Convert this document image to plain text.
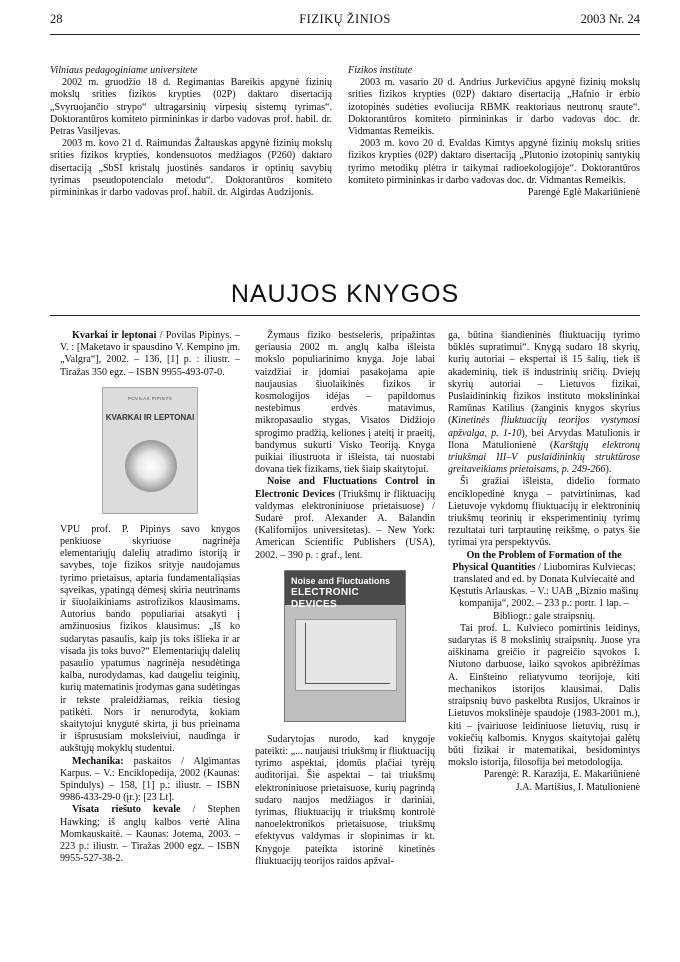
28	FIZIKŲ ŽINIOS	2003 Nr. 24

Vilniaus pedagoginiame universitete

2002 m. gruodžio 18 d. Regimantas Bareikis apgynė fizinių mokslų srities fizikos krypties (02P) daktaro disertaciją „Svyruojančio strypo“ ultragarsinių virpesių sistemų tyrimas“. Doktorantūros komiteto pirmininkas ir darbo vadovas prof. habil. dr. Petras Vasiljevas.

2003 m. kovo 21 d. Raimundas Žaltauskas apgynė fizinių mokslų srities fizikos krypties, kondensuotos medžiagos (P260) daktaro disertaciją „SbSI kristalų juostinės sandaros ir optinių savybių tyrimas pseudopotencialo metodu“. Doktorantūros komiteto pirmininkas ir darbo vadovas prof. habil. dr. Algirdas Audzijonis.

Fizikos institute

2003 m. vasario 20 d. Andrius Jurkevičius apgynė fizinių mokslų srities fizikos krypties (02P) daktaro disertaciją „Hafnio ir erbio izotopinės sudėties evoliucija RBMK reaktoriaus neutronų sraute“. Doktorantūros komiteto pirmininkas ir darbo vadovas doc. dr. Vidmantas Remeikis.

2003 m. kovo 20 d. Evaldas Kimtys apgynė fizinių mokslų srities fizikos krypties (02P) daktaro disertaciją „Plutonio izotopinių santykių tyrimo metodikų plėtra ir taikymai radioekologijoje“. Doktorantūros komiteto pirmininkas ir darbo vadovas doc. dr. Vidmantas Remeikis.

Parengė Eglė Makariūnienė

NAUJOS KNYGOS

Kvarkai ir leptonai / Povilas Pipinys. – V. : [Maketavo ir spausdino V. Kempino įm. „Valgra“], 2002. – 136, [1] p. : iliustr. – Tiražas 350 egz. – ISBN 9955-493-07-0.

POVILAS PIPINYS
KVARKAI IR LEPTONAI

VPU prof. P. Pipinys savo knygos penkiuose skyriuose nagrinėja elementariųjų dalelių atradimo istoriją ir savybes, toje fizikos srityje naudojamus tyrimo prietaisus, aptaria fundamentaliąsias sąveikas, ypatingą dėmesį skiria neutrinams ir šiuolaikiniams astrofizikos klausimams. Autorius bando populiariai atsakyti į amžinuosius fizikos klausimus: „Iš ko sudarytas pasaulis, kaip jis toks išlieka ir ar visada jis toks buvo?“ Elementariųjų dalelių pasaulio ypatumus nagrinėja nesudėtinga kalba, nurodydamas, kad daugeliu teiginių, kurių matematinis įrodymas gana sudėtingas ir tekste praleidžiamas, reikia tiesiog patikėti. Nors ir nenurodyta, kokiam skaitytojui knygutė skirta, ji bus prieinama ir išprususiam moksleiviui, naudinga ir aukštųjų mokyklų studentui.

Mechanika: paskaitos / Algimantas Karpus. – V.: Enciklopedija, 2002 (Kaunas: Spindulys) – 158, [1] p.: iliustr. – ISBN 9986-433-29-0 (įr.): [23 Lt].

Visata riešuto kevale / Stephen Hawking; iš anglų kalbos vertė Alina Momkauskaitė. – Kaunas: Jotema, 2003. – 223 p.: iliustr. – Tiražas 2000 egz. – ISBN 9955-527-38-2.

Žymaus fiziko bestseleris, pripažintas geriausia 2002 m. anglų kalba išleista mokslo populiarinimo knyga. Joje labai vaizdžiai ir įdomiai pasakojama apie naujausias šiuolaikinės fizikos ir kosmologijos idėjas – papildomus nestebimus erdvės matavimus, mikropasaulio stygas, Visatos Didžiojo sprogimo pradžią, keliones į ateitį ir praeitį, bandymus sukurti Visko Teoriją. Knyga puikiai iliustruota ir išleista, tai nuostabi dovana tiek fizikams, tiek šiaip skaitytojui.

Noise and Fluctuations Control in Electronic Devices (Triukšmų ir fliktuacijų valdymas elektroniniuose prietaisuose) / Sudarė prof. Alexander A. Balandin (Kalifornijos universitetas). – New York: American Scientific Publishers (USA), 2002. – 390 p. : graf., lent.

Noise and Fluctuations
ELECTRONIC DEVICES

Sudarytojas nurodo, kad knygoje pateikti: „... naujausi triukšmų ir fliuktuacijų tyrimo aspektai, įdomūs plačiai tyrėjų auditorijai. Šie aspektai – tai triukšmų elektroniniuose prietaisuose, kurių pagrindą sudaro naujos medžiagos ir dariniai, tyrimas, fliuktuacijų ir triukšmų kontrolė nanoelektronikos prietaisuose, triukšmų efektyvus valdymas ir slopinimas ir kt. Knygoje pateikta istorinė kinetinės fliuktuacijų teorijos raidos apžval-

ga, būtina šiandieninės fliuktuacijų tyrimo būklės supratimui“. Knygą sudaro 18 skyrių, kurių autoriai – ekspertai iš 15 šalių, tiek iš akademinių, tiek iš industrinių sričių. Dviejų skyrių autoriai – Lietuvos fizikai, Puslaidininkių fizikos instituto mokslininkai Ramūnas Katilius (žanginis knygos skyrius (Kinetinės fliuktuacijų teorijos vystymosi apžvalga, p. 1-10), bei Arvydas Matulionis ir Ilona Matulionienė (Karštųjų elektronų triukšmai III–V puslaidininkių struktūrose greitaveikiams prietaisams, p. 249-266).

Ši gražiai išleista, didelio formato enciklopedinė knyga – patvirtinimas, kad Lietuvoje vykdomų fliuktuacijų ir elektroninių triukšmų teorinių ir eksperimentinių tyrimų rezultatai turi tarptautinę reikšmę, o patys šie tyrimai yra perspektyvūs.

On the Problem of Formation of the Physical Quantities / Liubomiras Kulviecas; translated and ed. by Donata Kulviecaitė and Kęstutis Arlauskas. – V.: UAB „Biznio mašinų kompanija“, 2002. – 233 p.: portr. 1 lap. – Bibliogr.: gale straipsnių.

Tai prof. L. Kulvieco pomirtinis leidinys, sudarytas iš 8 mokslinių straipsnių. Juose yra aiškinama greičio ir pagreičio sąvokos I. Niutono darbuose, laiko sąvokos apibrėžimas A. Einšteino reliatyvumo teorijoje, kiti mechanikos istorijos klausimai. Dalis straipsnių buvo paskelbta Rusijos, Ukrainos ir Lietuvos mokslinėje spaudoje (1983-2001 m.), kiti – įvairiuose leidiniuose lietuvių, rusų ir vokiečių kalbomis. Knygos skaitytojai galėtų būti fizikai ir matematikai, besidomintys mokslo istorija, filosofija bei metodologija.

Parengė: R. Karazija, E. Makariūnienė

J.A. Martišius, I. Matulionienė
